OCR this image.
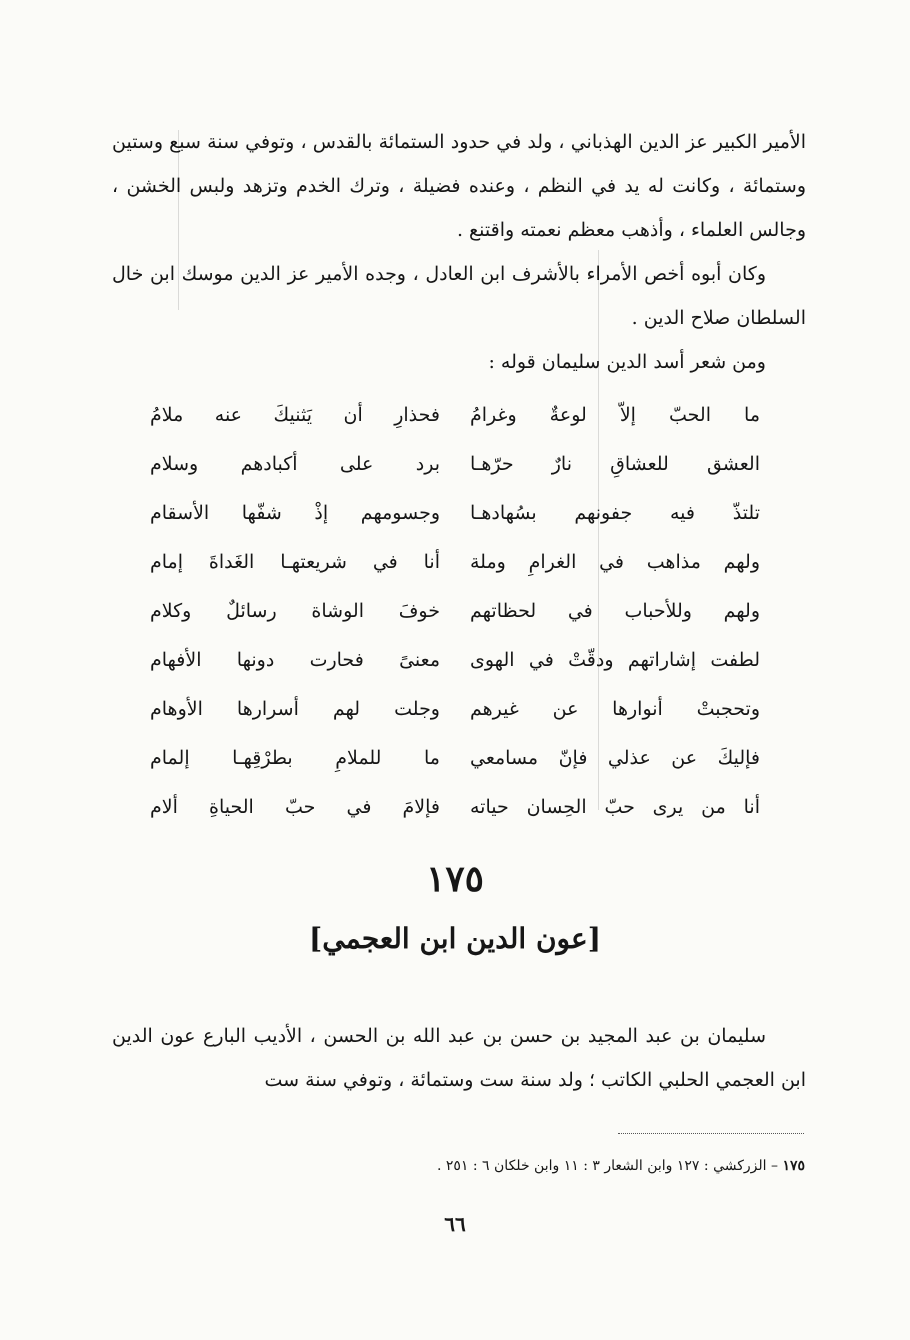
الأمير الكبير عز الدين الهذباني ، ولد في حدود الستمائة بالقدس ، وتوفي سنة سبع وستين وستمائة ، وكانت له يد في النظم ، وعنده فضيلة ، وترك الخدم وتزهد ولبس الخشن ، وجالس العلماء ، وأذهب معظم نعمته واقتنع .

وكان أبوه أخص الأمراء بالأشرف ابن العادل ، وجده الأمير عز الدين موسك ابن خال السلطان صلاح الدين .

ومن شعر أسد الدين سليمان قوله :

ما الحبّ إلاّ لوعةٌ وغرامُ
فحذارِ أن يَثنيكَ عنه ملامُ
العشق للعشاقِ نارٌ حرّهـا
برد على أكبادهم وسلام
تلتذّ فيه جفونهم بسُهادهـا
وجسومهم إذْ شفّها الأسقام
ولهم مذاهب في الغرامِ وملة
أنا في شريعتهـا الغَداةَ إمام
ولهم وللأحباب في لحظاتهم
خوفَ الوشاة رسائلٌ وكلام
لطفت إشاراتهم ودقّتْ في الهوى
معنىً فحارت دونها الأفهام
وتحجبتْ أنوارها عن غيرهم
وجلت لهم أسرارها الأوهام
فإليكَ عن عذلي فإنّ مسامعي
ما للملامِ بطرْقِهـا إلمام
أنا من يرى حبّ الحِسان حياته
فإلامَ في حبّ الحياةِ ألام
١٧٥
[عون الدين ابن العجمي]

سليمان بن عبد المجيد بن حسن بن عبد الله بن الحسن ، الأديب البارع عون الدين ابن العجمي الحلبي الكاتب ؛ ولد سنة ست وستمائة ، وتوفي سنة ست

١٧٥ – الزركشي : ١٢٧ وابن الشعار ٣ : ١١ وابن خلكان ٦ : ٢٥١ .
٦٦
